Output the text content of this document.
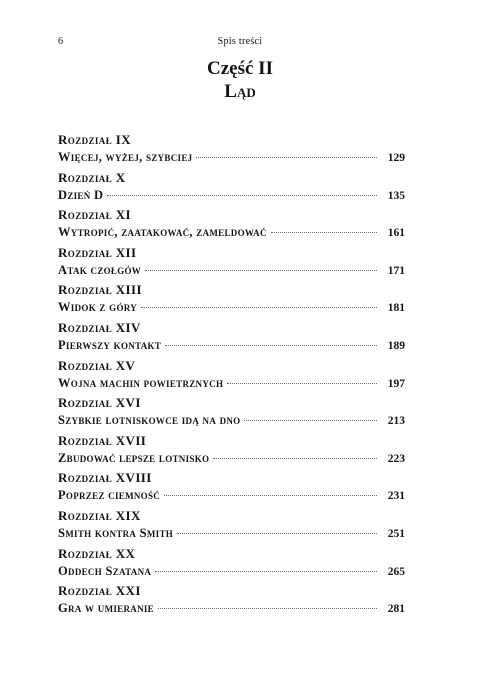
6	Spis treści
Część II
Ląd
Rozdział IX
Więcej, wyżej, szybciej	129
Rozdział X
Dzień D	135
Rozdział XI
Wytropić, zaatakować, zameldować	161
Rozdział XII
Atak czołgów	171
Rozdział XIII
Widok z góry	181
Rozdział XIV
Pierwszy kontakt	189
Rozdział XV
Wojna machin powietrznych	197
Rozdział XVI
Szybkie lotniskowce idą na dno	213
Rozdział XVII
Zbudować lepsze lotnisko	223
Rozdział XVIII
Poprzez ciemność	231
Rozdział XIX
Smith kontra Smith	251
Rozdział XX
Oddech Szatana	265
Rozdział XXI
Gra w umieranie	281
